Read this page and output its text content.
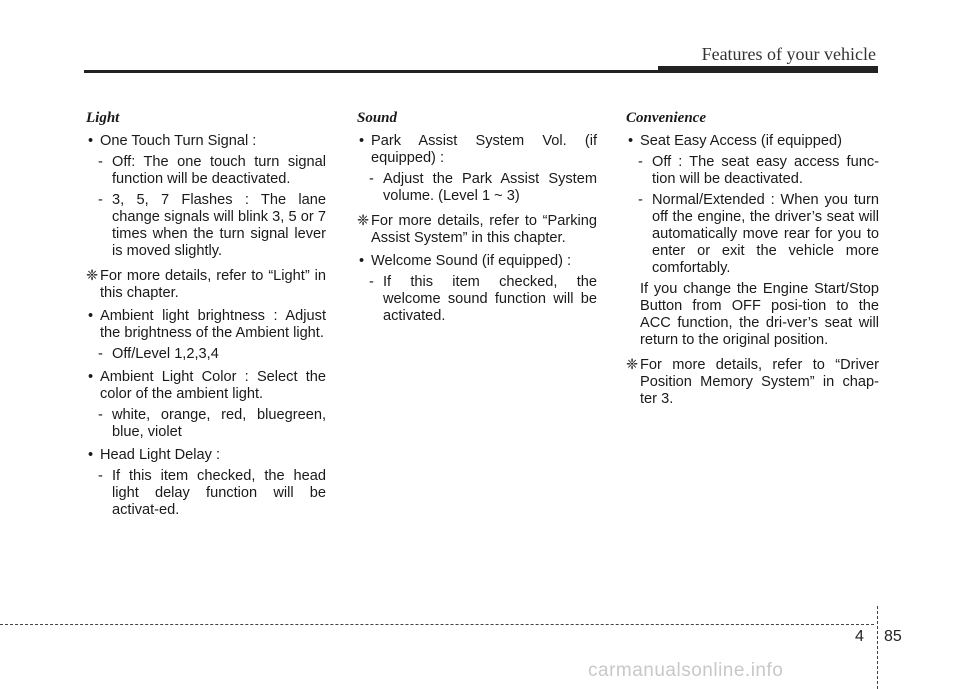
Features of your vehicle
Light
• One Touch Turn Signal :
- Off: The one touch turn signal function will be deactivated.
- 3, 5, 7 Flashes : The lane change signals will blink 3, 5 or 7 times when the turn signal lever is moved slightly.
❈ For more details, refer to “Light” in this chapter.
• Ambient light brightness : Adjust the brightness of the Ambient light.
- Off/Level 1,2,3,4
• Ambient Light Color : Select the color of the ambient light.
- white, orange, red, bluegreen, blue, violet
• Head Light Delay :
- If this item checked, the head light delay function will be activat-ed.
Sound
• Park Assist System Vol. (if equipped) :
- Adjust the Park Assist System volume. (Level 1 ~ 3)
❈ For more details, refer to “Parking Assist System” in this chapter.
• Welcome Sound (if equipped) :
- If this item checked, the welcome sound function will be activated.
Convenience
• Seat Easy Access (if equipped)
- Off : The seat easy access func-tion will be deactivated.
- Normal/Extended : When you turn off the engine, the driver’s seat will automatically move rear for you to enter or exit the vehicle more comfortably.
If you change the Engine Start/Stop Button from OFF posi-tion to the ACC function, the dri-ver’s seat will return to the original position.
❈ For more details, refer to “Driver Position Memory System” in chap-ter 3.
4 85
carmanualsonline.info
